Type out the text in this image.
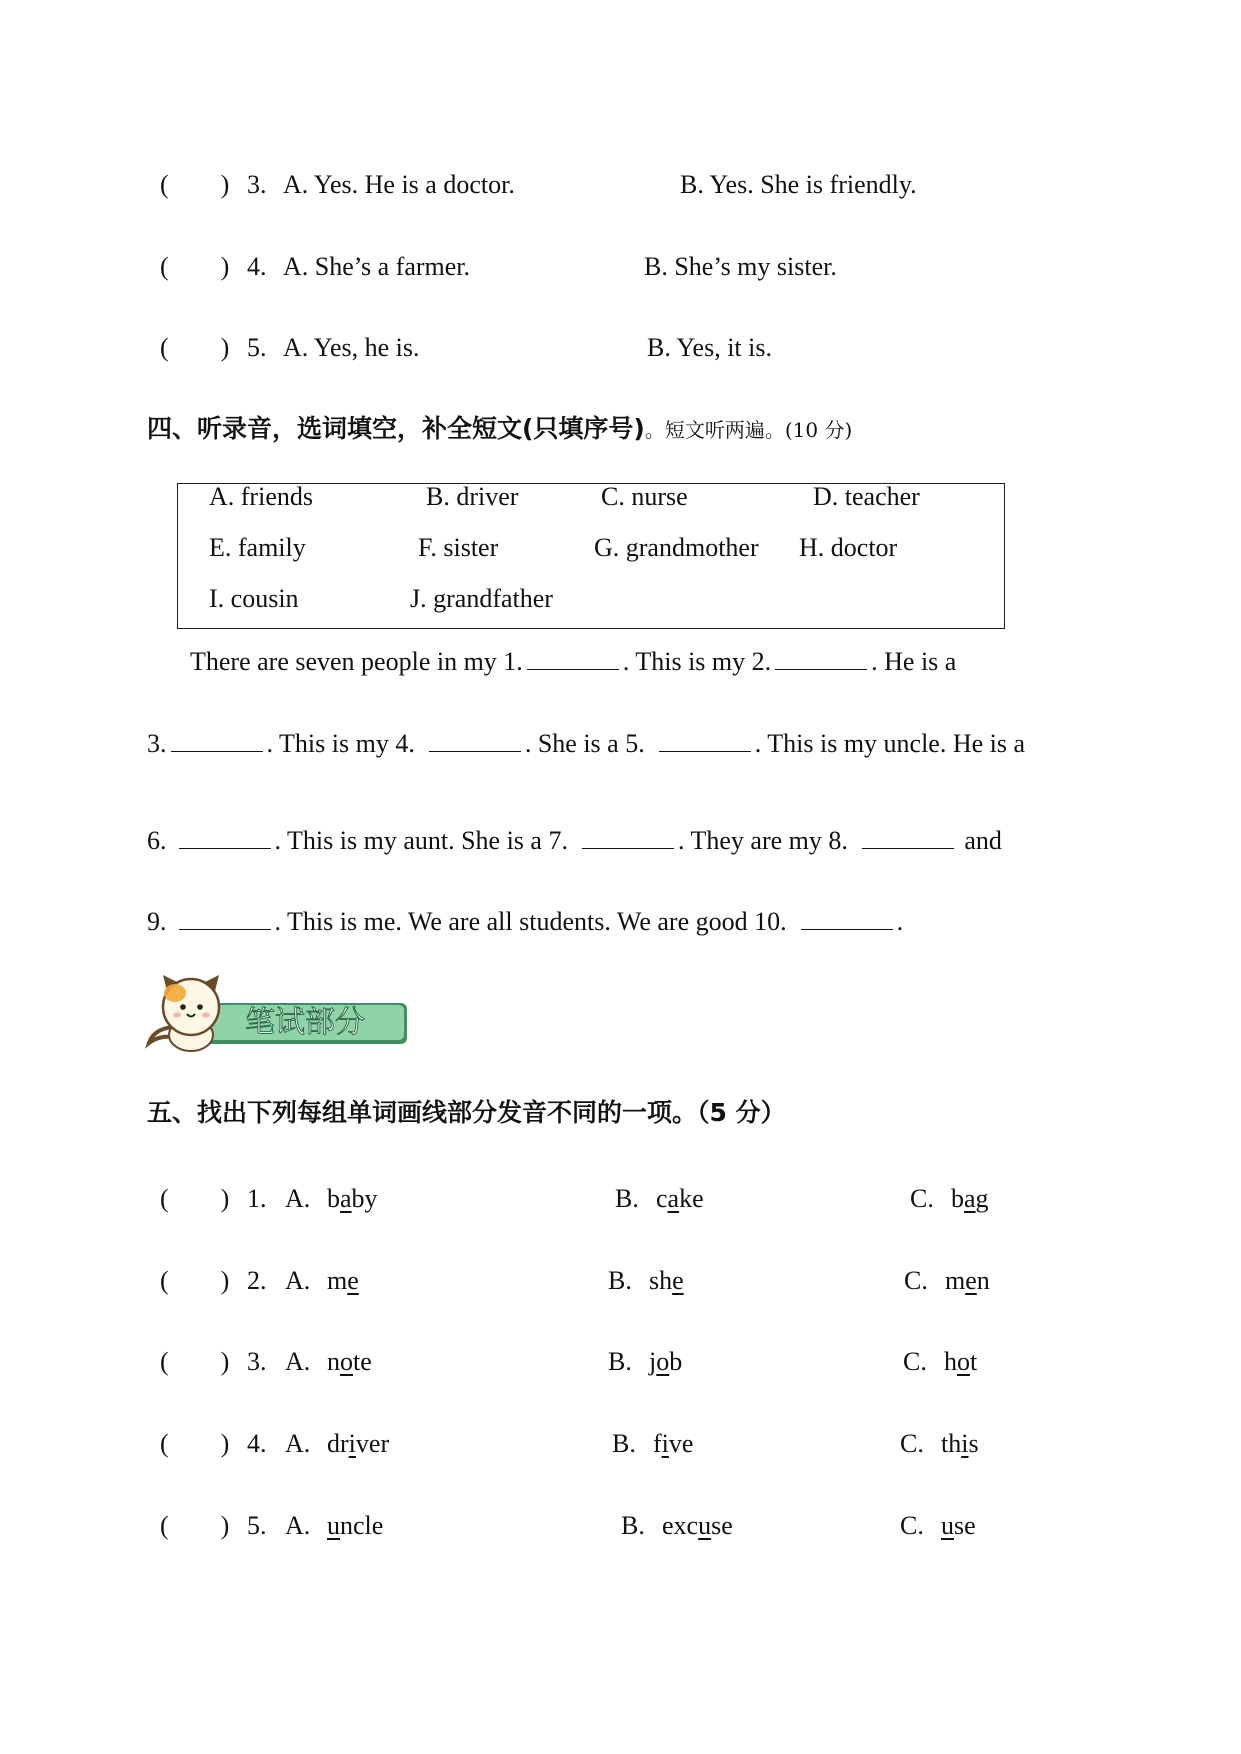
(　　) 3. A. Yes. He is a doctor.	B. Yes. She is friendly.
(　　) 4. A. She’s a farmer.	B. She’s my sister.
(　　) 5. A. Yes, he is.	B. Yes, it is.
四、听录音，选词填空，补全短文(只填序号)。短文听两遍。(10 分)
A. friends	B. driver	C. nurse	D. teacher
E. family	F. sister	G. grandmother H. doctor
I. cousin	J. grandfather
There are seven people in my 1.	. This is my 2.	. He is a
3.	. This is my 4.	. She is a 5.	. This is my uncle. He is a
6.	. This is my aunt. She is a 7.	. They are my 8.	and
9.	. This is me. We are all students. We are good 10.	.
笔试部分
五、找出下列每组单词画线部分发音不同的一项。（5 分）
(　　) 1. A. baby	B. cake	C. bag
(　　) 2. A. me	B. she	C. men
(　　) 3. A. note	B. job	C. hot
(　　) 4. A. driver	B. five	C. this
(　　) 5. A. uncle	B. excuse	C. use
